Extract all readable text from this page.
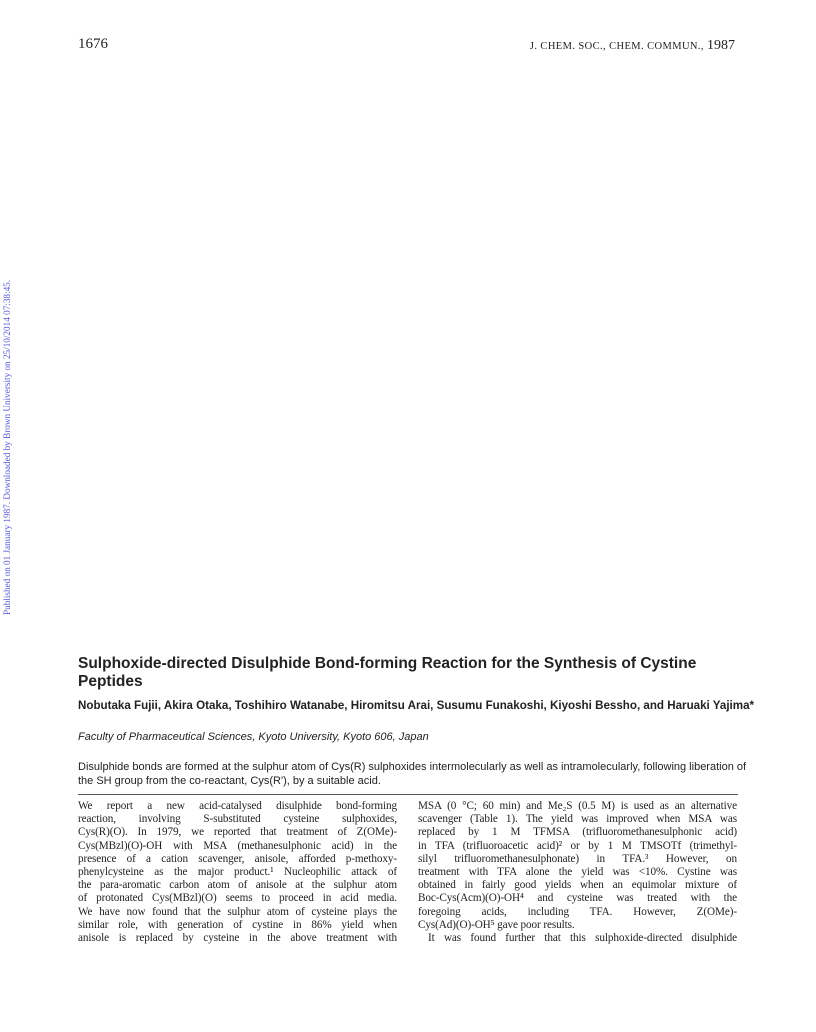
1676	J. CHEM. SOC., CHEM. COMMUN., 1987
Published on 01 January 1987. Downloaded by Brown University on 25/10/2014 07:38:45.
Sulphoxide-directed Disulphide Bond-forming Reaction for the Synthesis of Cystine Peptides
Nobutaka Fujii, Akira Otaka, Toshihiro Watanabe, Hiromitsu Arai, Susumu Funakoshi, Kiyoshi Bessho, and Haruaki Yajima*
Faculty of Pharmaceutical Sciences, Kyoto University, Kyoto 606, Japan

Disulphide bonds are formed at the sulphur atom of Cys(R) sulphoxides intermolecularly as well as intramolecularly, following liberation of the SH group from the co-reactant, Cys(R'), by a suitable acid.

We report a new acid-catalysed disulphide bond-forming
reaction, involving S-substituted cysteine sulphoxides,
Cys(R)(O). In 1979, we reported that treatment of Z(OMe)-
Cys(MBzl)(O)-OH with MSA (methanesulphonic acid) in the
presence of a cation scavenger, anisole, afforded p-methoxy-
phenylcysteine as the major product.¹ Nucleophilic attack of
the para-aromatic carbon atom of anisole at the sulphur atom
of protonated Cys(MBzl)(O) seems to proceed in acid media.
We have now found that the sulphur atom of cysteine plays the
similar role, with generation of cystine in 86% yield when
anisole is replaced by cysteine in the above treatment with
MSA (0 °C; 60 min) and Me₂S (0.5 M) is used as an alternative
scavenger (Table 1). The yield was improved when MSA was
replaced by 1 M TFMSA (trifluoromethanesulphonic acid)
in TFA (trifluoroacetic acid)² or by 1 M TMSOTf (trimethyl-
silyl trifluoromethanesulphonate) in TFA.³ However, on
treatment with TFA alone the yield was <10%. Cystine was
obtained in fairly good yields when an equimolar mixture of
Boc-Cys(Acm)(O)-OH⁴ and cysteine was treated with the
foregoing acids, including TFA. However, Z(OMe)-
Cys(Ad)(O)-OH⁵ gave poor results.
It was found further that this sulphoxide-directed disulphide
